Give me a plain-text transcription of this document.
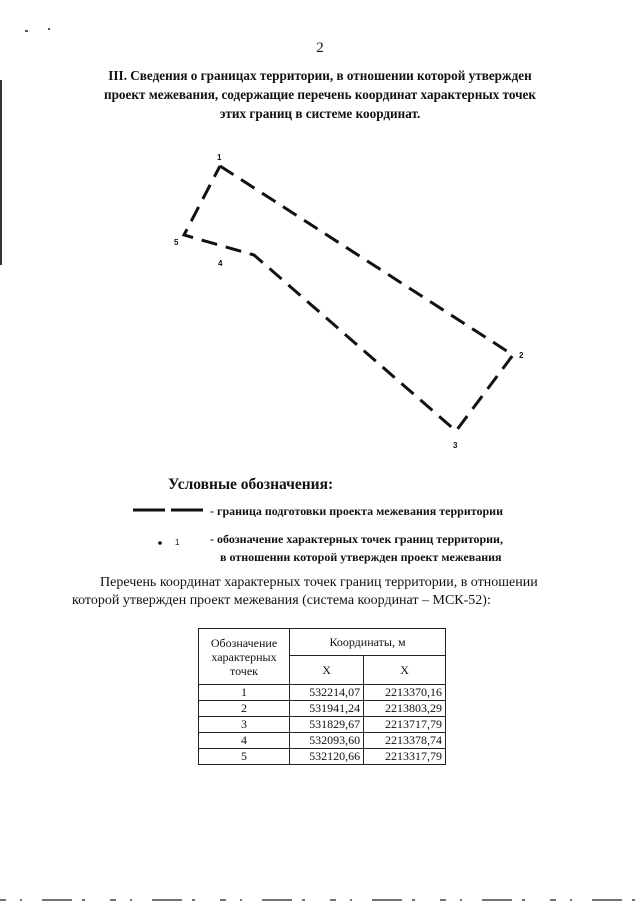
2
III. Сведения о границах территории, в отношении которой утвержден
проект межевания, содержащие перечень координат характерных точек
этих границ в системе координат.
1
2
3
4
5
Условные обозначения:
- граница подготовки проекта межевания территории
1	- обозначение характерных точек границ территории,
в отношении которой утвержден проект межевания
Перечень координат характерных точек границ территории, в отношении
которой утвержден проект межевания (система координат – МСК-52):
Обозначение характерных точек	Координаты, м	
	X	X
1	532214,07	2213370,16
2	531941,24	2213803,29
3	531829,67	2213717,79
4	532093,60	2213378,74
5	532120,66	2213317,79
